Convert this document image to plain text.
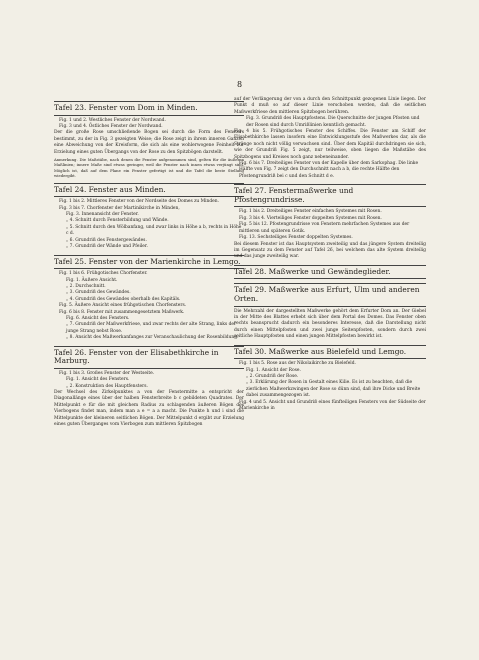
8
Tafel 23. Fenster vom Dom in Minden.

Fig. 1 und 2. Westliches Fenster der Nordwand.

Fig. 3 und 4. Östliches Fenster der Nordwand.

Der die große Rose umschließende Bogen sei durch die Form des Fensters bestimmt, zu der in Fig. 3 gezeigten Weise; die Rose zeigt in ihrem inneren Ganzen eine Abweichung von der Kreisform, die sich als eine wohlerwogene Feinheit zur Erzielung eines guten Übergangs von der Rose zu den Spitzbögen darstellt.

Anmerkung. Die Maßstäbe, nach denen die Fenster aufgenommen sind, gelten für die äußeren Maßlinien; innere Maße sind etwas geringer, weil die Fenster nach innen etwas verjüngt sind. Möglich ist, daß auf dem Plane ein Fenster gefertigt ist und die Tafel die beste Stellung wiedergibt.

Tafel 24. Fenster aus Minden.

Fig. 1 bis 2. Mittleres Fenster von der Nordseite des Domes zu Minden.

Fig. 3 bis 7. Chorfenster der Martinikirche in Minden,

Fig. 3. Innenansicht der Fenster.

„ 4. Schnitt durch Fensterbildung und Wände.

„ 5. Schnitt durch den Wölbanfang, und zwar links in Höhe a b, rechts in Höhe c d.

„ 6. Grundriß des Fenstergewändes.

„ 7. Grundriß der Wände und Pfeiler.

Tafel 25. Fenster von der Marienkirche in Lemgo.

Fig. 1 bis 6. Frühgotisches Chorfenster.

Fig. 1. Äußere Ansicht.

„ 2. Durchschnitt.

„ 3. Grundriß des Gewändes.

„ 4. Grundriß des Gewändes oberhalb des Kapitäls.

Fig. 5. Äußere Ansicht eines frühgotischen Chorfensters.

Fig. 6 bis 8. Fenster mit zusammengesetztem Maßwerk.

Fig. 6. Ansicht des Fensters.

„ 7. Grundriß der Maßwerkfriese, und zwar rechts der alte Strang, links der junge Strang nebst Rose.

„ 8. Ansicht des Maßwerkanfanges zur Veranschaulichung der Rosenbildung.

Tafel 26. Fenster von der Elisabethkirche in Marburg.

Fig. 1 bis 3. Großes Fenster der Westseite.

Fig. 1. Ansicht des Fensters.

„ 2. Konstruktion des Hauptfensters.

Der Wechsel des Zirkelpunktes a von der Fenstermitte a entspricht der Diagonallänge eines über der halben Fensterbreite b c gebildeten Quadrates. Der Mittelpunkt e für die mit gleichem Radius zu schlagenden äußeren Bögen des Vierbogens findet man, indem man a e = a a macht. Die Punkte h und i sind die Mittelpunkte der kleineren seitlichen Bögen. Der Mittelpunkt d ergibt zur Erzielung eines guten Überganges vom Vierbogen zum mittleren Spitzbogen

auf der Verlängerung der von a durch den Schnittpunkt gezogenen Linie liegen. Der Punkt d muß so auf dieser Linie verschoben werden, daß die seitlichen Maßwerkfriese den mittleren Spitzbogen berühren.

Fig. 3. Grundriß des Hauptpfostens. Die Querschnitte der jungen Pfosten und der Rosen sind durch Umrißlinien kenntlich gemacht.

Fig. 4 bis 5. Frühgotisches Fenster des Schiffes. Die Fenster am Schiff der Elisabethkirche lassen insofern eine Entwicklungsstufe des Maßwerkes dar, als die Stränge noch nicht völlig verwachsen sind. Über dem Kapitäl durchdringen sie sich, wie der Grundriß Fig. 5 zeigt, nur teilweise, oben liegen die Maßstäbe des Spitzbogens und Kreises noch ganz nebeneinander.

Fig. 6 bis 7. Dreiteiliges Fenster von der Kapelle über dem Sarkophag. Die linke Hälfte von Fig. 7 zeigt den Durchschnitt nach a b, die rechte Hälfte den Pfostengrundriß bei c und den Schnitt d e.

Tafel 27. Fenstermaßwerke und Pfostengrundrisse.

Fig. 1 bis 2. Dreiteiliges Fenster einfachen Systemes mit Rosen.

Fig. 3 bis 4. Vierteiliges Fenster doppelten Systemes mit Rosen.

Fig. 5 bis 12. Pfostengrundrisse von Fenstern mehrfachen Systemes aus der mittleren und späteren Gotik.

Fig. 13. Sechsteiliges Fenster doppelten Systemes.

Bei diesem Fenster ist das Hauptsystem zweiteilig und das jüngere System dreiteilig im Gegensatz zu dem Fenster auf Tafel 26, bei welchem das alte System dreiteilig und das junge zweiteilig war.

Tafel 28. Maßwerke und Gewändeglieder.
Tafel 29. Maßwerke aus Erfurt, Ulm und anderen Orten.

Die Mehrzahl der dargestellten Maßwerke gehört dem Erfurter Dom an. Der Giebel in der Mitte des Blattes erhebt sich über dem Portal des Domes. Das Fenster oben rechts beansprucht dadurch ein besonderes Interesse, daß die Darstellung nicht durch einen Mittelpfosten und zwei junge Seitenpfosten, sondern durch zwei seitliche Hauptpfosten und einen jungen Mittelpfosten bewirkt ist.

Tafel 30. Maßwerke aus Bielefeld und Lemgo.

Fig. 1 bis 5. Rose aus der Nikolaikirche zu Bielefeld.

Fig. 1. Ansicht der Rose.

„ 2. Grundriß der Rose.

„ 3. Erklärung der Rosen in Gestalt eines Kilie. Es ist zu beachten, daß die zierlichen Maßwerkzwingen der Rose so dünn sind, daß ihre Dicke und Breite dabei zusammengezogen ist.

Fig. 4 und 5. Ansicht und Grundriß eines fünfteiligen Fensters von der Südseite der Marienkirche in
